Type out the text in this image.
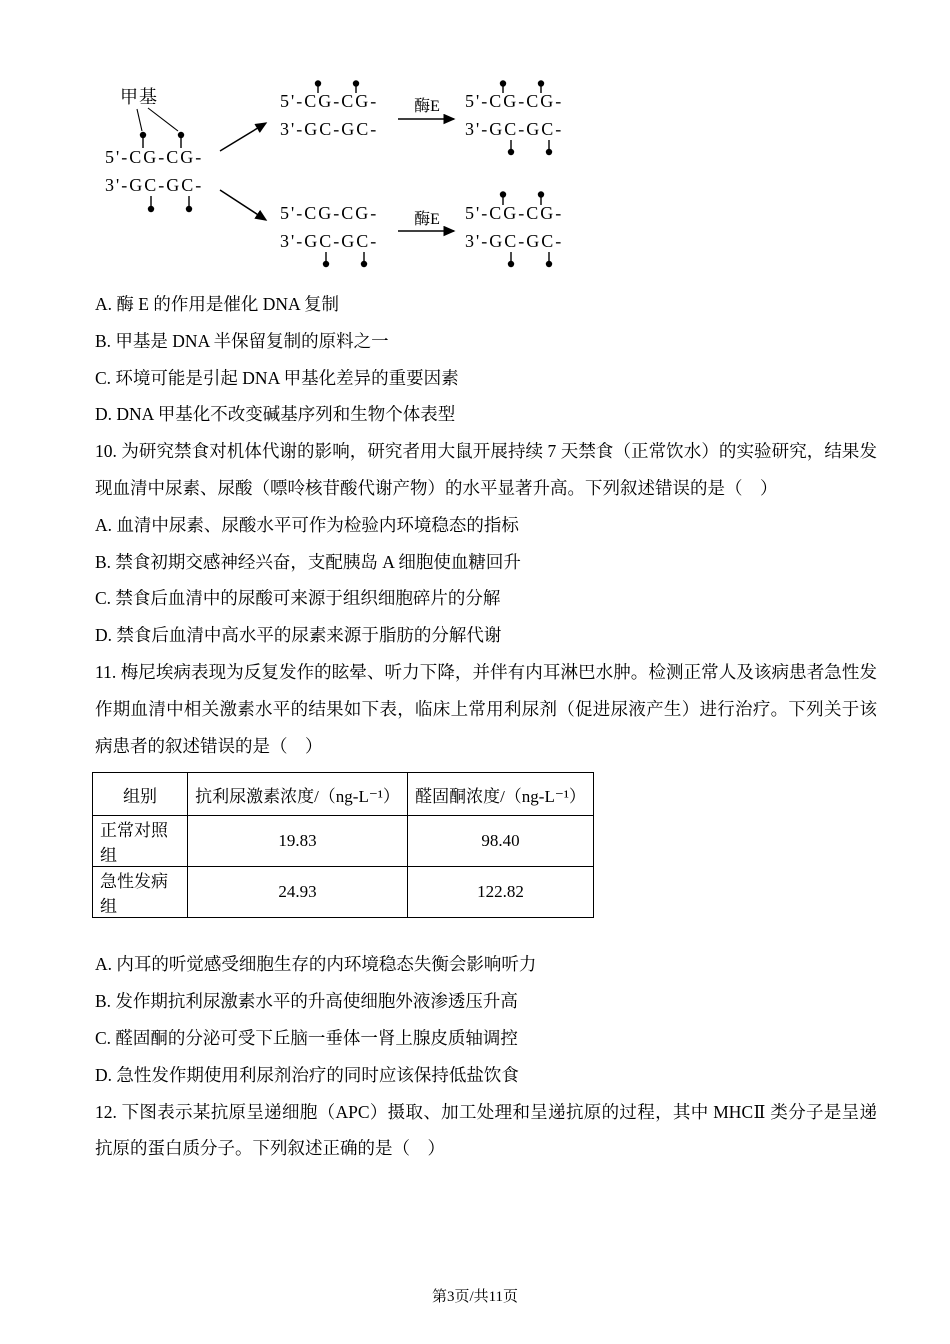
甲基
5'-CG-CG-
3'-GC-GC-
5'-CG-CG-
3'-GC-GC-
酶E 5'-CG-CG-
3'-GC-GC-
5'-CG-CG-
3'-GC-GC-
酶E 5'-CG-CG-
3'-GC-GC-
A. 酶 E 的作用是催化 DNA 复制
B. 甲基是 DNA 半保留复制的原料之一
C. 环境可能是引起 DNA 甲基化差异的重要因素
D. DNA 甲基化不改变碱基序列和生物个体表型

10. 为研究禁食对机体代谢的影响，研究者用大鼠开展持续 7 天禁食（正常饮水）的实验研究，结果发现血清中尿素、尿酸（嘌呤核苷酸代谢产物）的水平显著升高。下列叙述错误的是（　）

A. 血清中尿素、尿酸水平可作为检验内环境稳态的指标
B. 禁食初期交感神经兴奋，支配胰岛 A 细胞使血糖回升
C. 禁食后血清中的尿酸可来源于组织细胞碎片的分解
D. 禁食后血清中高水平的尿素来源于脂肪的分解代谢

11. 梅尼埃病表现为反复发作的眩晕、听力下降，并伴有内耳淋巴水肿。检测正常人及该病患者急性发作期血清中相关激素水平的结果如下表，临床上常用利尿剂（促进尿液产生）进行治疗。下列关于该病患者的叙述错误的是（　）

组别	抗利尿激素浓度/（ng-L⁻¹）	醛固酮浓度/（ng-L⁻¹）
正常对照组	19.83	98.40
急性发病组	24.93	122.82
A. 内耳的听觉感受细胞生存的内环境稳态失衡会影响听力
B. 发作期抗利尿激素水平的升高使细胞外液渗透压升高
C. 醛固酮的分泌可受下丘脑一垂体一肾上腺皮质轴调控
D. 急性发作期使用利尿剂治疗的同时应该保持低盐饮食

12. 下图表示某抗原呈递细胞（APC）摄取、加工处理和呈递抗原的过程，其中 MHCⅡ 类分子是呈递抗原的蛋白质分子。下列叙述正确的是（　）

第3页/共11页
